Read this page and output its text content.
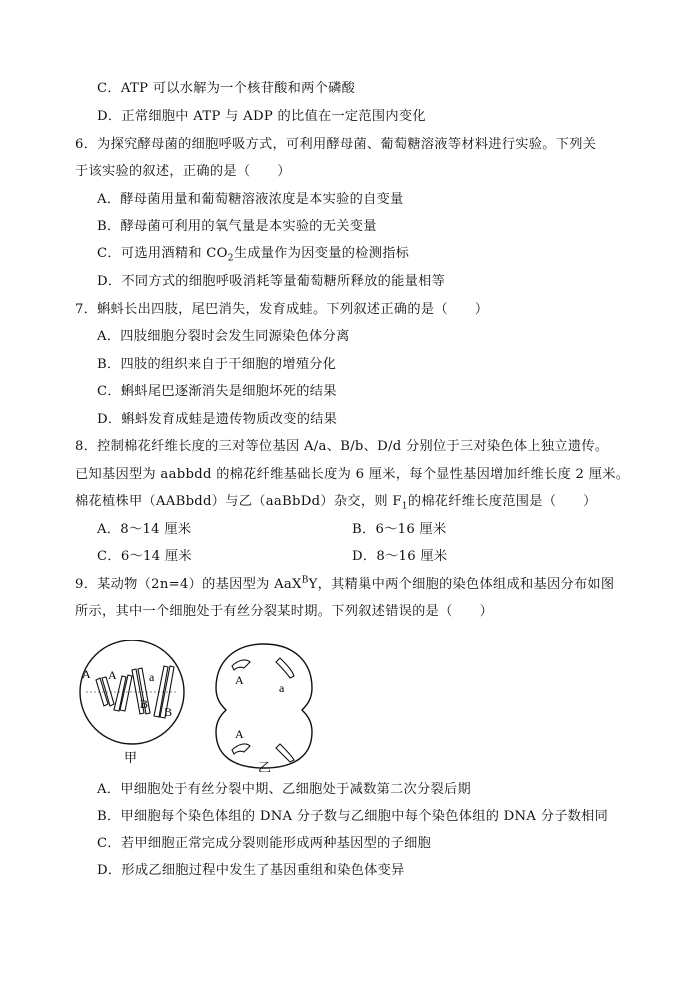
C．ATP 可以水解为一个核苷酸和两个磷酸
D．正常细胞中 ATP 与 ADP 的比值在一定范围内变化
6．为探究酵母菌的细胞呼吸方式，可利用酵母菌、葡萄糖溶液等材料进行实验。下列关
于该实验的叙述，正确的是（　　）
A．酵母菌用量和葡萄糖溶液浓度是本实验的自变量
B．酵母菌可利用的氧气量是本实验的无关变量
C．可选用酒精和 $CO_2$生成量作为因变量的检测指标
D．不同方式的细胞呼吸消耗等量葡萄糖所释放的能量相等
7．蝌蚪长出四肢，尾巴消失，发育成蛙。下列叙述正确的是（　　）
A．四肢细胞分裂时会发生同源染色体分离
B．四肢的组织来自于干细胞的增殖分化
C．蝌蚪尾巴逐渐消失是细胞坏死的结果
D．蝌蚪发育成蛙是遗传物质改变的结果
8．控制棉花纤维长度的三对等位基因 A/a、B/b、D/d 分别位于三对染色体上独立遗传。
已知基因型为 aabbdd 的棉花纤维基础长度为 6 厘米，每个显性基因增加纤维长度 2 厘米。
棉花植株甲（AABbdd）与乙（aaBbDd）杂交，则 $F_1$的棉花纤维长度范围是（　　）
A．8～14 厘米	B．6～16 厘米
C．6～14 厘米	D．8～16 厘米
9．某动物（2n=4）的基因型为 AaX$^B$Y，其精巢中两个细胞的染色体组成和基因分布如图
所示，其中一个细胞处于有丝分裂某时期。下列叙述错误的是（　　）
A A	a
B
B
甲
A
a
A
乙
A．甲细胞处于有丝分裂中期、乙细胞处于减数第二次分裂后期
B．甲细胞每个染色体组的 DNA 分子数与乙细胞中每个染色体组的 DNA 分子数相同
C．若甲细胞正常完成分裂则能形成两种基因型的子细胞
D．形成乙细胞过程中发生了基因重组和染色体变异
